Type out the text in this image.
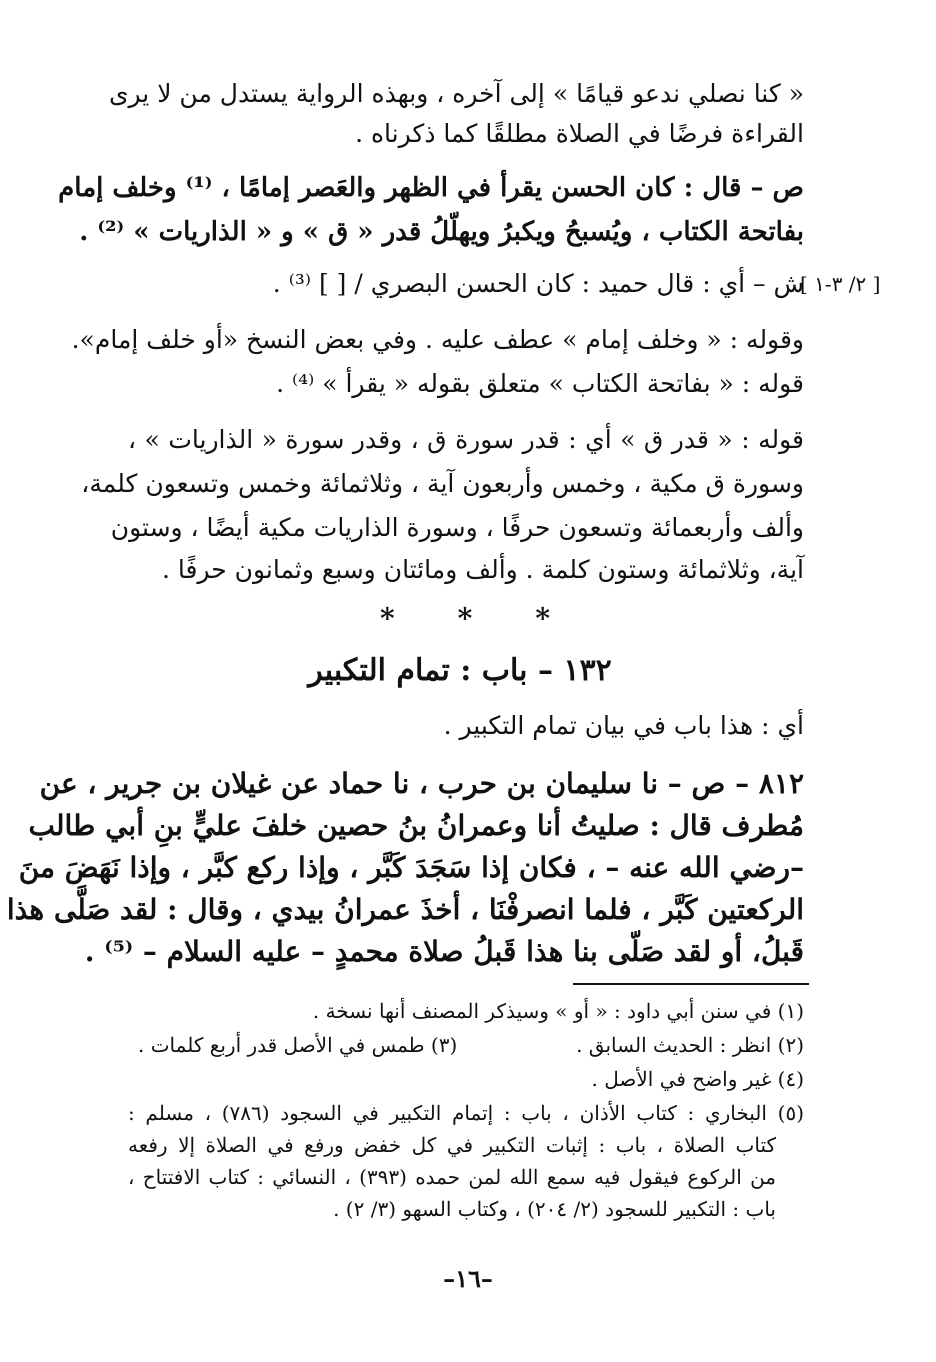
« كنا نصلي ندعو قيامًا » إلى آخره ، وبهذه الرواية يستدل من لا يرى
القراءة فرضًا في الصلاة مطلقًا كما ذكرناه .
ص – قال : كان الحسن يقرأ في الظهر والعَصر إمامًا ، ⁽¹⁾ وخلف إمام
بفاتحة الكتاب ، ويُسبحُ ويكبرُ ويهلّلُ قدر « ق » و « الذاريات » ⁽²⁾ .
ش – أي : قال حميد : كان الحسن البصري / [ ] ⁽³⁾ .
[ ٢/ ٣-١ ]
وقوله : « وخلف إمام » عطف عليه . وفي بعض النسخ «أو خلف إمام».
قوله : « بفاتحة الكتاب » متعلق بقوله « يقرأ » ⁽⁴⁾ .
قوله : « قدر ق » أي : قدر سورة ق ، وقدر سورة « الذاريات » ،
وسورة ق مكية ، وخمس وأربعون آية ، وثلاثمائة وخمس وتسعون كلمة،
وألف وأربعمائة وتسعون حرفًا ، وسورة الذاريات مكية أيضًا ، وستون
آية، وثلاثمائة وستون كلمة . وألف ومائتان وسبع وثمانون حرفًا .
* * *
١٣٢ – باب : تمام التكبير
أي : هذا باب في بيان تمام التكبير .
٨١٢ – ص – نا سليمان بن حرب ، نا حماد عن غيلان بن جرير ، عن
مُطرف قال : صليتُ أنا وعمرانُ بنُ حصين خلفَ عليٍّ بنِ أبي طالب
–رضي الله عنه – ، فكان إذا سَجَدَ كَبَّر ، وإذا ركع كبَّر ، وإذا نَهَضَ منَ
الركعتين كَبَّر ، فلما انصرفْنَا ، أخذَ عمرانُ بيدي ، وقال : لقد صَلَّى هذا
قَبلُ، أو لقد صَلّى بنا هذا قَبلُ صلاة محمدٍ – عليه السلام – ⁽⁵⁾ .
(١) في سنن أبي داود : « أو » وسيذكر المصنف أنها نسخة .
(٢) انظر : الحديث السابق .
(٣) طمس في الأصل قدر أربع كلمات .
(٤) غير واضح في الأصل .
(٥) البخاري : كتاب الأذان ، باب : إتمام التكبير في السجود (٧٨٦) ، مسلم :
كتاب الصلاة ، باب : إثبات التكبير في كل خفض ورفع في الصلاة إلا رفعه
من الركوع فيقول فيه سمع الله لمن حمده (٣٩٣) ، النسائي : كتاب الافتتاح ،
باب : التكبير للسجود (٢/ ٢٠٤) ، وكتاب السهو (٣/ ٢) .
–١٦–
